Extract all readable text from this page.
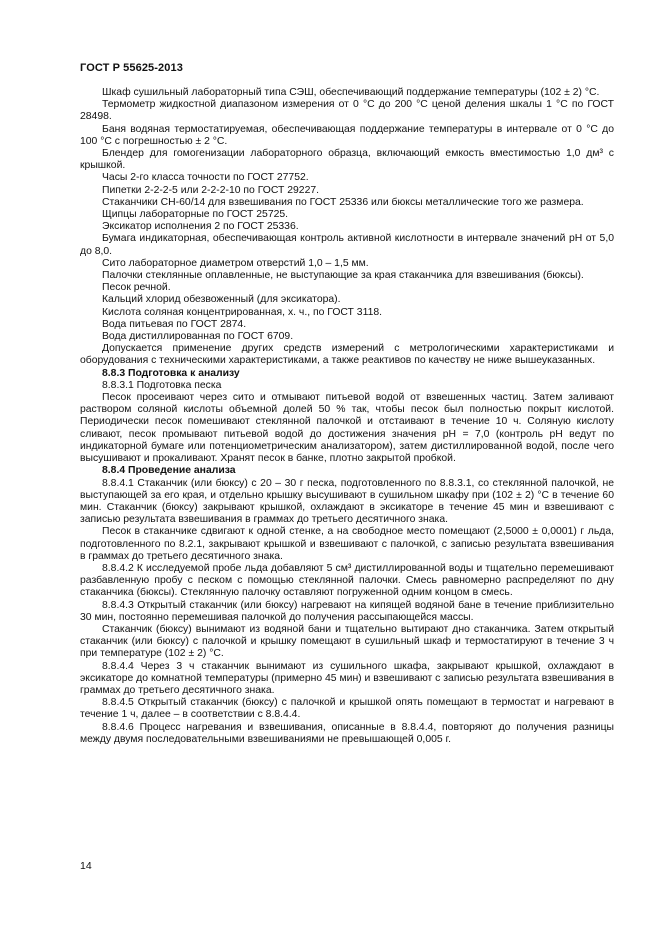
ГОСТ Р 55625-2013

Шкаф сушильный лабораторный типа СЭШ, обеспечивающий поддержание температуры (102 ± 2) °С.

Термометр жидкостной диапазоном измерения от 0 °С до 200 °С ценой деления шкалы 1 °С по ГОСТ 28498.

Баня водяная термостатируемая, обеспечивающая поддержание температуры в интервале от 0 °С до 100 °С с погрешностью ± 2 °С.

Блендер для гомогенизации лабораторного образца, включающий емкость вместимостью 1,0 дм³ с крышкой.

Часы 2-го класса точности по ГОСТ 27752.

Пипетки 2-2-2-5 или 2-2-2-10 по ГОСТ 29227.

Стаканчики СН-60/14 для взвешивания по ГОСТ 25336 или бюксы металлические того же размера.

Щипцы лабораторные по ГОСТ 25725.

Эксикатор исполнения 2 по ГОСТ 25336.

Бумага индикаторная, обеспечивающая контроль активной кислотности в интервале значений pH от 5,0 до 8,0.

Сито лабораторное диаметром отверстий 1,0 – 1,5 мм.

Палочки стеклянные оплавленные, не выступающие за края стаканчика для взвешивания (бюксы).

Песок речной.

Кальций хлорид обезвоженный (для эксикатора).

Кислота соляная концентрированная, х. ч., по ГОСТ 3118.

Вода питьевая по ГОСТ 2874.

Вода дистиллированная по ГОСТ 6709.

Допускается применение других средств измерений с метрологическими характеристиками и оборудования с техническими характеристиками, а также реактивов по качеству не ниже вышеуказанных.

8.8.3 Подготовка к анализу

8.8.3.1 Подготовка песка

Песок просеивают через сито и отмывают питьевой водой от взвешенных частиц. Затем заливают раствором соляной кислоты объемной долей 50 % так, чтобы песок был полностью покрыт кислотой. Периодически песок помешивают стеклянной палочкой и отстаивают в течение 10 ч. Соляную кислоту сливают, песок промывают питьевой водой до достижения значения pH = 7,0 (контроль pH ведут по индикаторной бумаге или потенциометрическим анализатором), затем дистиллированной водой, после чего высушивают и прокаливают. Хранят песок в банке, плотно закрытой пробкой.

8.8.4 Проведение анализа

8.8.4.1 Стаканчик (или бюксу) с 20 – 30 г песка, подготовленного по 8.8.3.1, со стеклянной палочкой, не выступающей за его края, и отдельно крышку высушивают в сушильном шкафу при (102 ± 2) °С в течение 60 мин. Стаканчик (бюксу) закрывают крышкой, охлаждают в эксикаторе в течение 45 мин и взвешивают с записью результата взвешивания в граммах до третьего десятичного знака.

Песок в стаканчике сдвигают к одной стенке, а на свободное место помещают (2,5000 ± 0,0001) г льда, подготовленного по 8.2.1, закрывают крышкой и взвешивают с палочкой, с записью результата взвешивания в граммах до третьего десятичного знака.

8.8.4.2 К исследуемой пробе льда добавляют 5 см³ дистиллированной воды и тщательно перемешивают разбавленную пробу с песком с помощью стеклянной палочки. Смесь равномерно распределяют по дну стаканчика (бюксы). Стеклянную палочку оставляют погруженной одним концом в смесь.

8.8.4.3 Открытый стаканчик (или бюксу) нагревают на кипящей водяной бане в течение приблизительно 30 мин, постоянно перемешивая палочкой до получения рассыпающейся массы.

Стаканчик (бюксу) вынимают из водяной бани и тщательно вытирают дно стаканчика. Затем открытый стаканчик (или бюксу) с палочкой и крышку помещают в сушильный шкаф и термостатируют в течение 3 ч при температуре (102 ± 2) °С.

8.8.4.4 Через 3 ч стаканчик вынимают из сушильного шкафа, закрывают крышкой, охлаждают в эксикаторе до комнатной температуры (примерно 45 мин) и взвешивают с записью результата взвешивания в граммах до третьего десятичного знака.

8.8.4.5 Открытый стаканчик (бюксу) с палочкой и крышкой опять помещают в термостат и нагревают в течение 1 ч, далее – в соответствии с 8.8.4.4.

8.8.4.6 Процесс нагревания и взвешивания, описанные в 8.8.4.4, повторяют до получения разницы между двумя последовательными взвешиваниями не превышающей 0,005 г.

14
